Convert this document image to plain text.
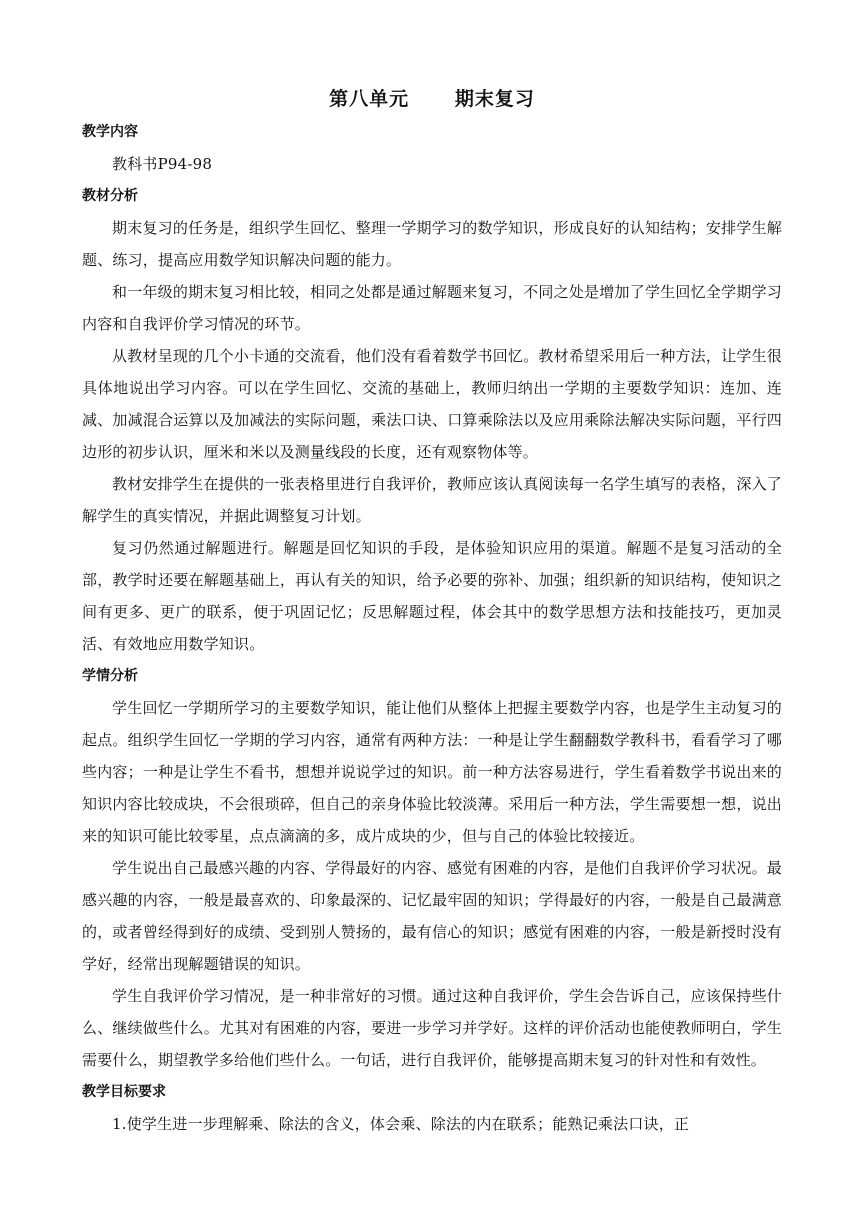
第八单元      期末复习
教学内容

教科书P94-98

教材分析

期末复习的任务是，组织学生回忆、整理一学期学习的数学知识，形成良好的认知结构；安排学生解题、练习，提高应用数学知识解决问题的能力。

和一年级的期末复习相比较，相同之处都是通过解题来复习，不同之处是增加了学生回忆全学期学习内容和自我评价学习情况的环节。

从教材呈现的几个小卡通的交流看，他们没有看着数学书回忆。教材希望采用后一种方法，让学生很具体地说出学习内容。可以在学生回忆、交流的基础上，教师归纳出一学期的主要数学知识：连加、连减、加减混合运算以及加减法的实际问题，乘法口诀、口算乘除法以及应用乘除法解决实际问题，平行四边形的初步认识，厘米和米以及测量线段的长度，还有观察物体等。

教材安排学生在提供的一张表格里进行自我评价，教师应该认真阅读每一名学生填写的表格，深入了解学生的真实情况，并据此调整复习计划。

复习仍然通过解题进行。解题是回忆知识的手段，是体验知识应用的渠道。解题不是复习活动的全部，教学时还要在解题基础上，再认有关的知识，给予必要的弥补、加强；组织新的知识结构，使知识之间有更多、更广的联系，便于巩固记忆；反思解题过程，体会其中的数学思想方法和技能技巧，更加灵活、有效地应用数学知识。

学情分析

学生回忆一学期所学习的主要数学知识，能让他们从整体上把握主要数学内容，也是学生主动复习的起点。组织学生回忆一学期的学习内容，通常有两种方法：一种是让学生翻翻数学教科书，看看学习了哪些内容；一种是让学生不看书，想想并说说学过的知识。前一种方法容易进行，学生看着数学书说出来的知识内容比较成块，不会很琐碎，但自己的亲身体验比较淡薄。采用后一种方法，学生需要想一想，说出来的知识可能比较零星，点点滴滴的多，成片成块的少，但与自己的体验比较接近。

学生说出自己最感兴趣的内容、学得最好的内容、感觉有困难的内容，是他们自我评价学习状况。最感兴趣的内容，一般是最喜欢的、印象最深的、记忆最牢固的知识；学得最好的内容，一般是自己最满意的，或者曾经得到好的成绩、受到别人赞扬的，最有信心的知识；感觉有困难的内容，一般是新授时没有学好，经常出现解题错误的知识。

学生自我评价学习情况，是一种非常好的习惯。通过这种自我评价，学生会告诉自己，应该保持些什么、继续做些什么。尤其对有困难的内容，要进一步学习并学好。这样的评价活动也能使教师明白，学生需要什么，期望教学多给他们些什么。一句话，进行自我评价，能够提高期末复习的针对性和有效性。

教学目标要求

1.使学生进一步理解乘、除法的含义，体会乘、除法的内在联系；能熟记乘法口诀，正
